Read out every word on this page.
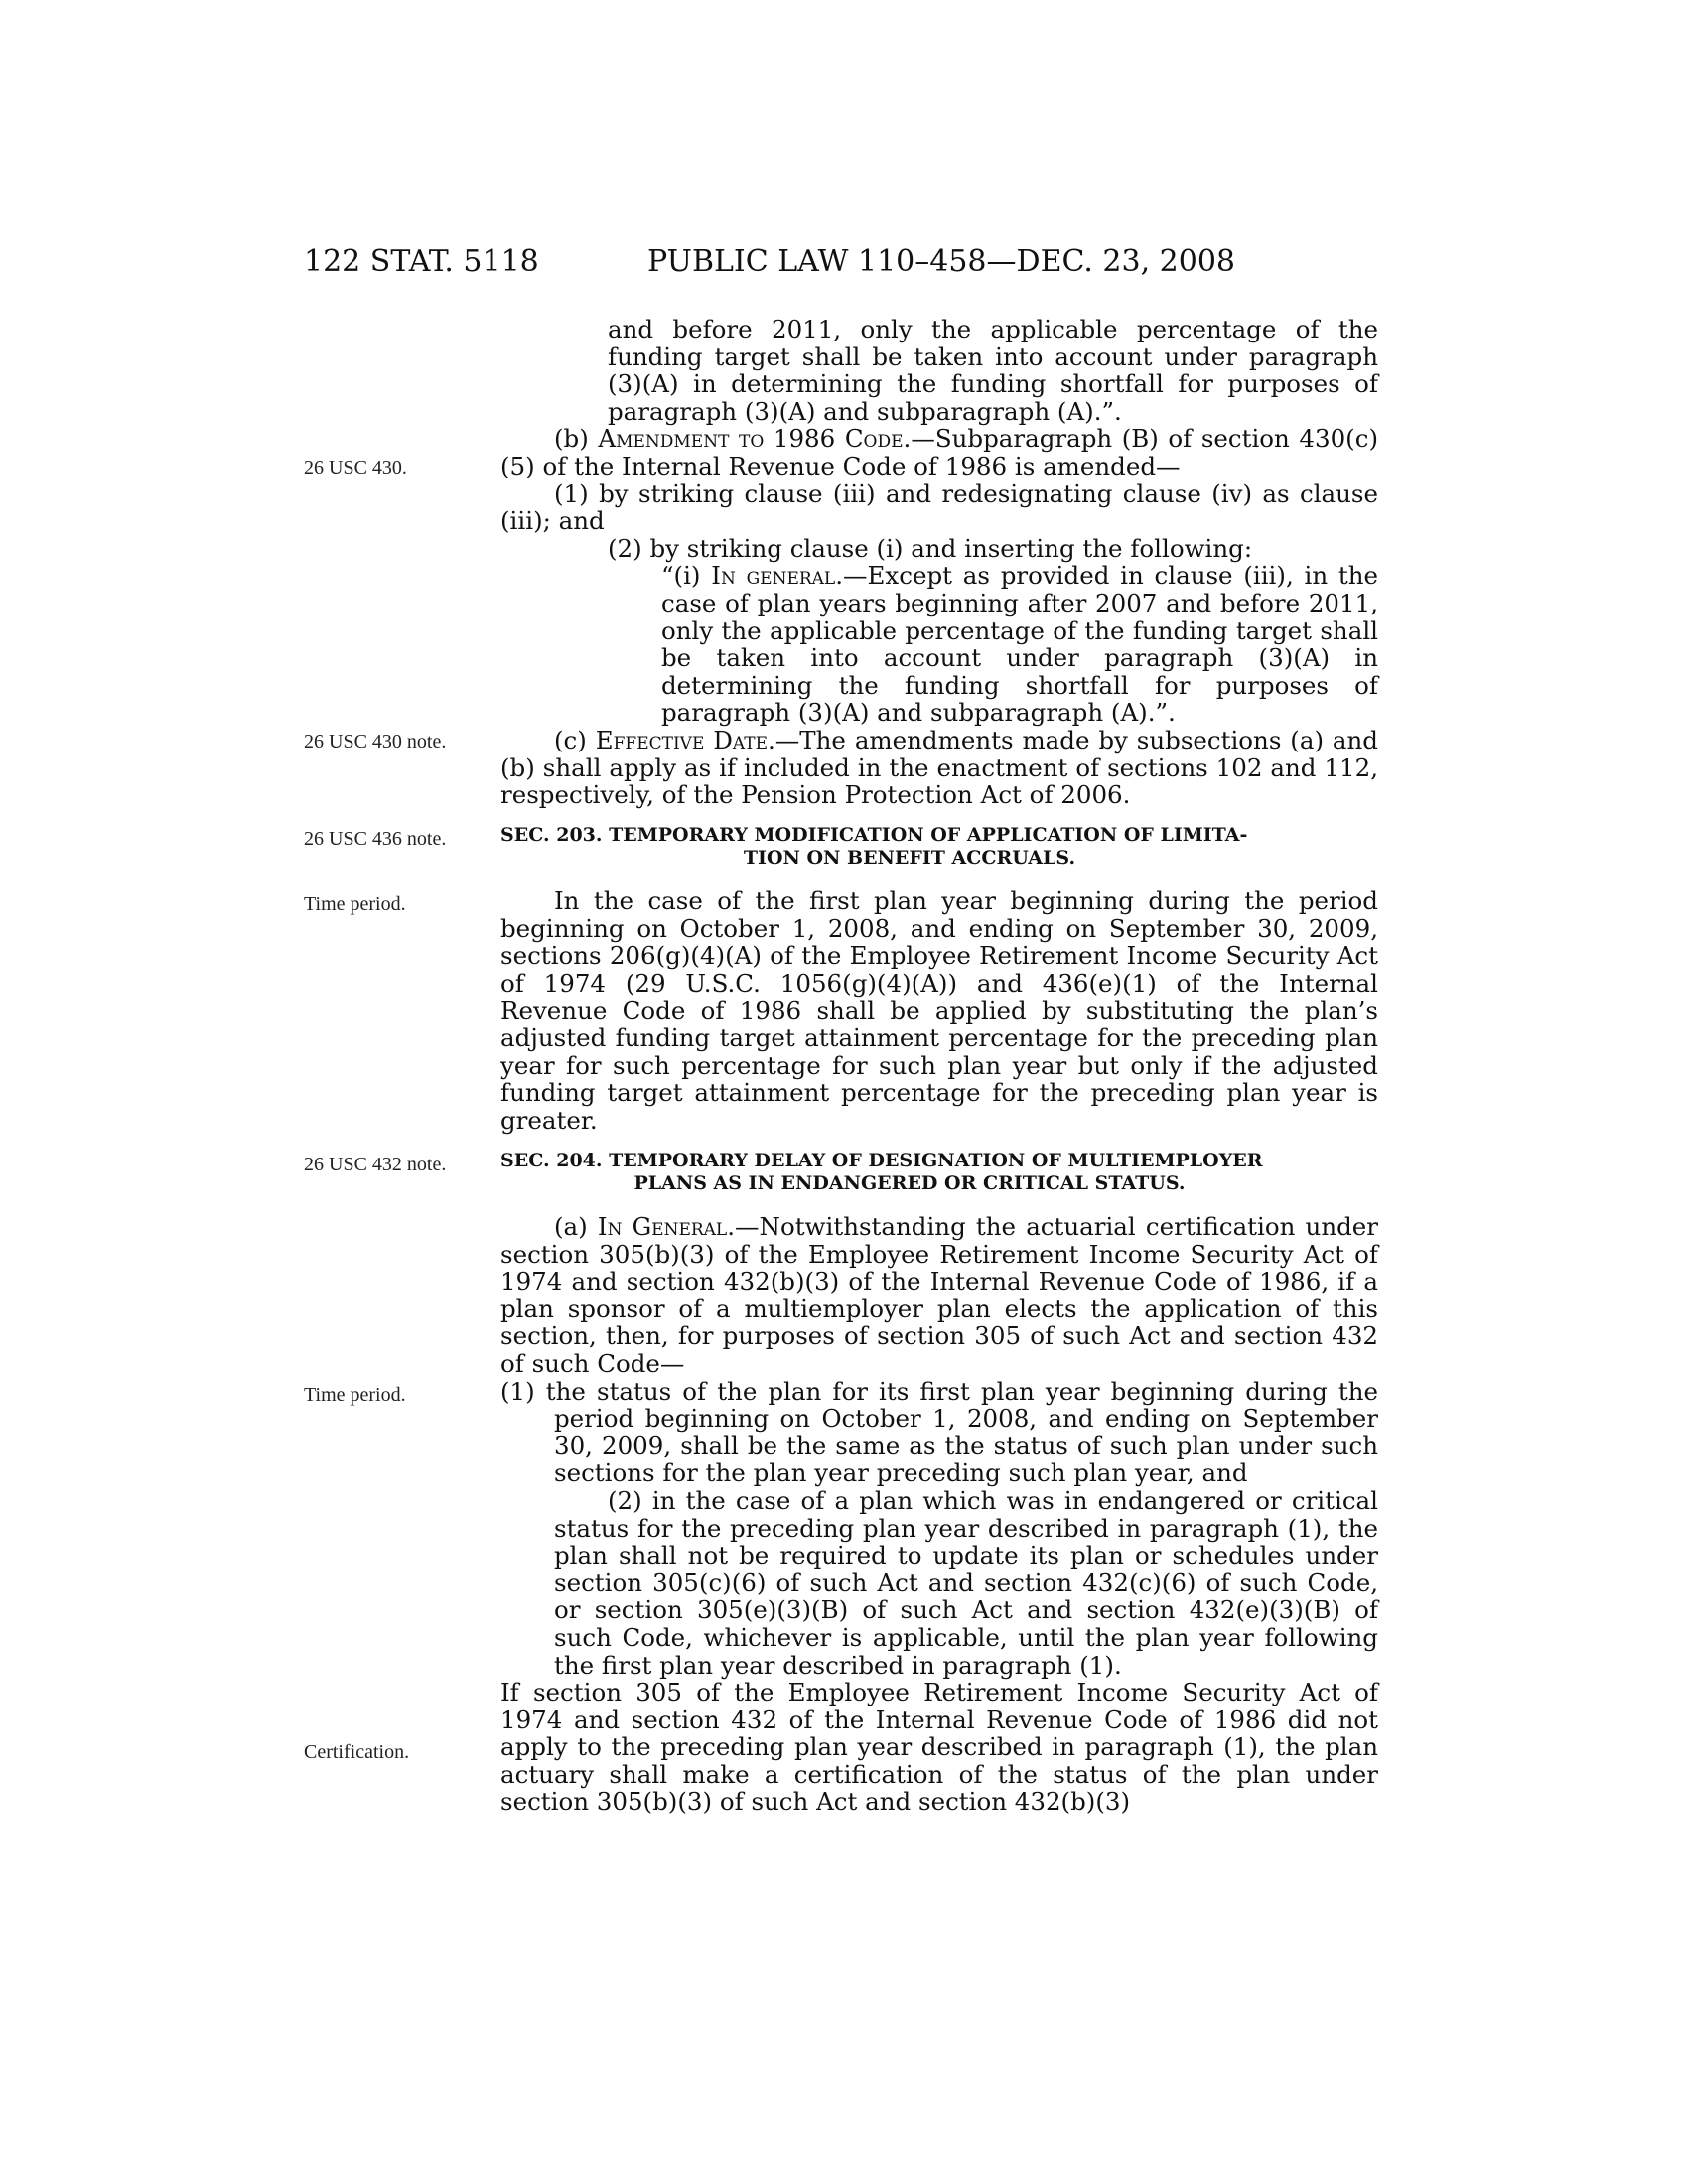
122 STAT. 5118	PUBLIC LAW 110–458—DEC. 23, 2008
26 USC 430.
26 USC 430 note.
26 USC 436 note.
Time period.
26 USC 432 note.
Time period.
Certification.

and before 2011, only the applicable percentage of the funding target shall be taken into account under paragraph (3)(A) in determining the funding shortfall for purposes of paragraph (3)(A) and subparagraph (A).”.

(b) Amendment to 1986 Code.—Subparagraph (B) of section 430(c)(5) of the Internal Revenue Code of 1986 is amended—

(1) by striking clause (iii) and redesignating clause (iv) as clause (iii); and

(2) by striking clause (i) and inserting the following:

“(i) In general.—Except as provided in clause (iii), in the case of plan years beginning after 2007 and before 2011, only the applicable percentage of the funding target shall be taken into account under paragraph (3)(A) in determining the funding shortfall for purposes of paragraph (3)(A) and subparagraph (A).”.

(c) Effective Date.—The amendments made by subsections (a) and (b) shall apply as if included in the enactment of sections 102 and 112, respectively, of the Pension Protection Act of 2006.

SEC. 203. TEMPORARY MODIFICATION OF APPLICATION OF LIMITA-
TION ON BENEFIT ACCRUALS.

In the case of the first plan year beginning during the period beginning on October 1, 2008, and ending on September 30, 2009, sections 206(g)(4)(A) of the Employee Retirement Income Security Act of 1974 (29 U.S.C. 1056(g)(4)(A)) and 436(e)(1) of the Internal Revenue Code of 1986 shall be applied by substituting the plan’s adjusted funding target attainment percentage for the preceding plan year for such percentage for such plan year but only if the adjusted funding target attainment percentage for the preceding plan year is greater.

SEC. 204. TEMPORARY DELAY OF DESIGNATION OF MULTIEMPLOYER
PLANS AS IN ENDANGERED OR CRITICAL STATUS.

(a) In General.—Notwithstanding the actuarial certification under section 305(b)(3) of the Employee Retirement Income Security Act of 1974 and section 432(b)(3) of the Internal Revenue Code of 1986, if a plan sponsor of a multiemployer plan elects the application of this section, then, for purposes of section 305 of such Act and section 432 of such Code—

(1) the status of the plan for its first plan year beginning during the period beginning on October 1, 2008, and ending on September 30, 2009, shall be the same as the status of such plan under such sections for the plan year preceding such plan year, and

(2) in the case of a plan which was in endangered or critical status for the preceding plan year described in paragraph (1), the plan shall not be required to update its plan or schedules under section 305(c)(6) of such Act and section 432(c)(6) of such Code, or section 305(e)(3)(B) of such Act and section 432(e)(3)(B) of such Code, whichever is applicable, until the plan year following the first plan year described in paragraph (1).

If section 305 of the Employee Retirement Income Security Act of 1974 and section 432 of the Internal Revenue Code of 1986 did not apply to the preceding plan year described in paragraph (1), the plan actuary shall make a certification of the status of the plan under section 305(b)(3) of such Act and section 432(b)(3)
